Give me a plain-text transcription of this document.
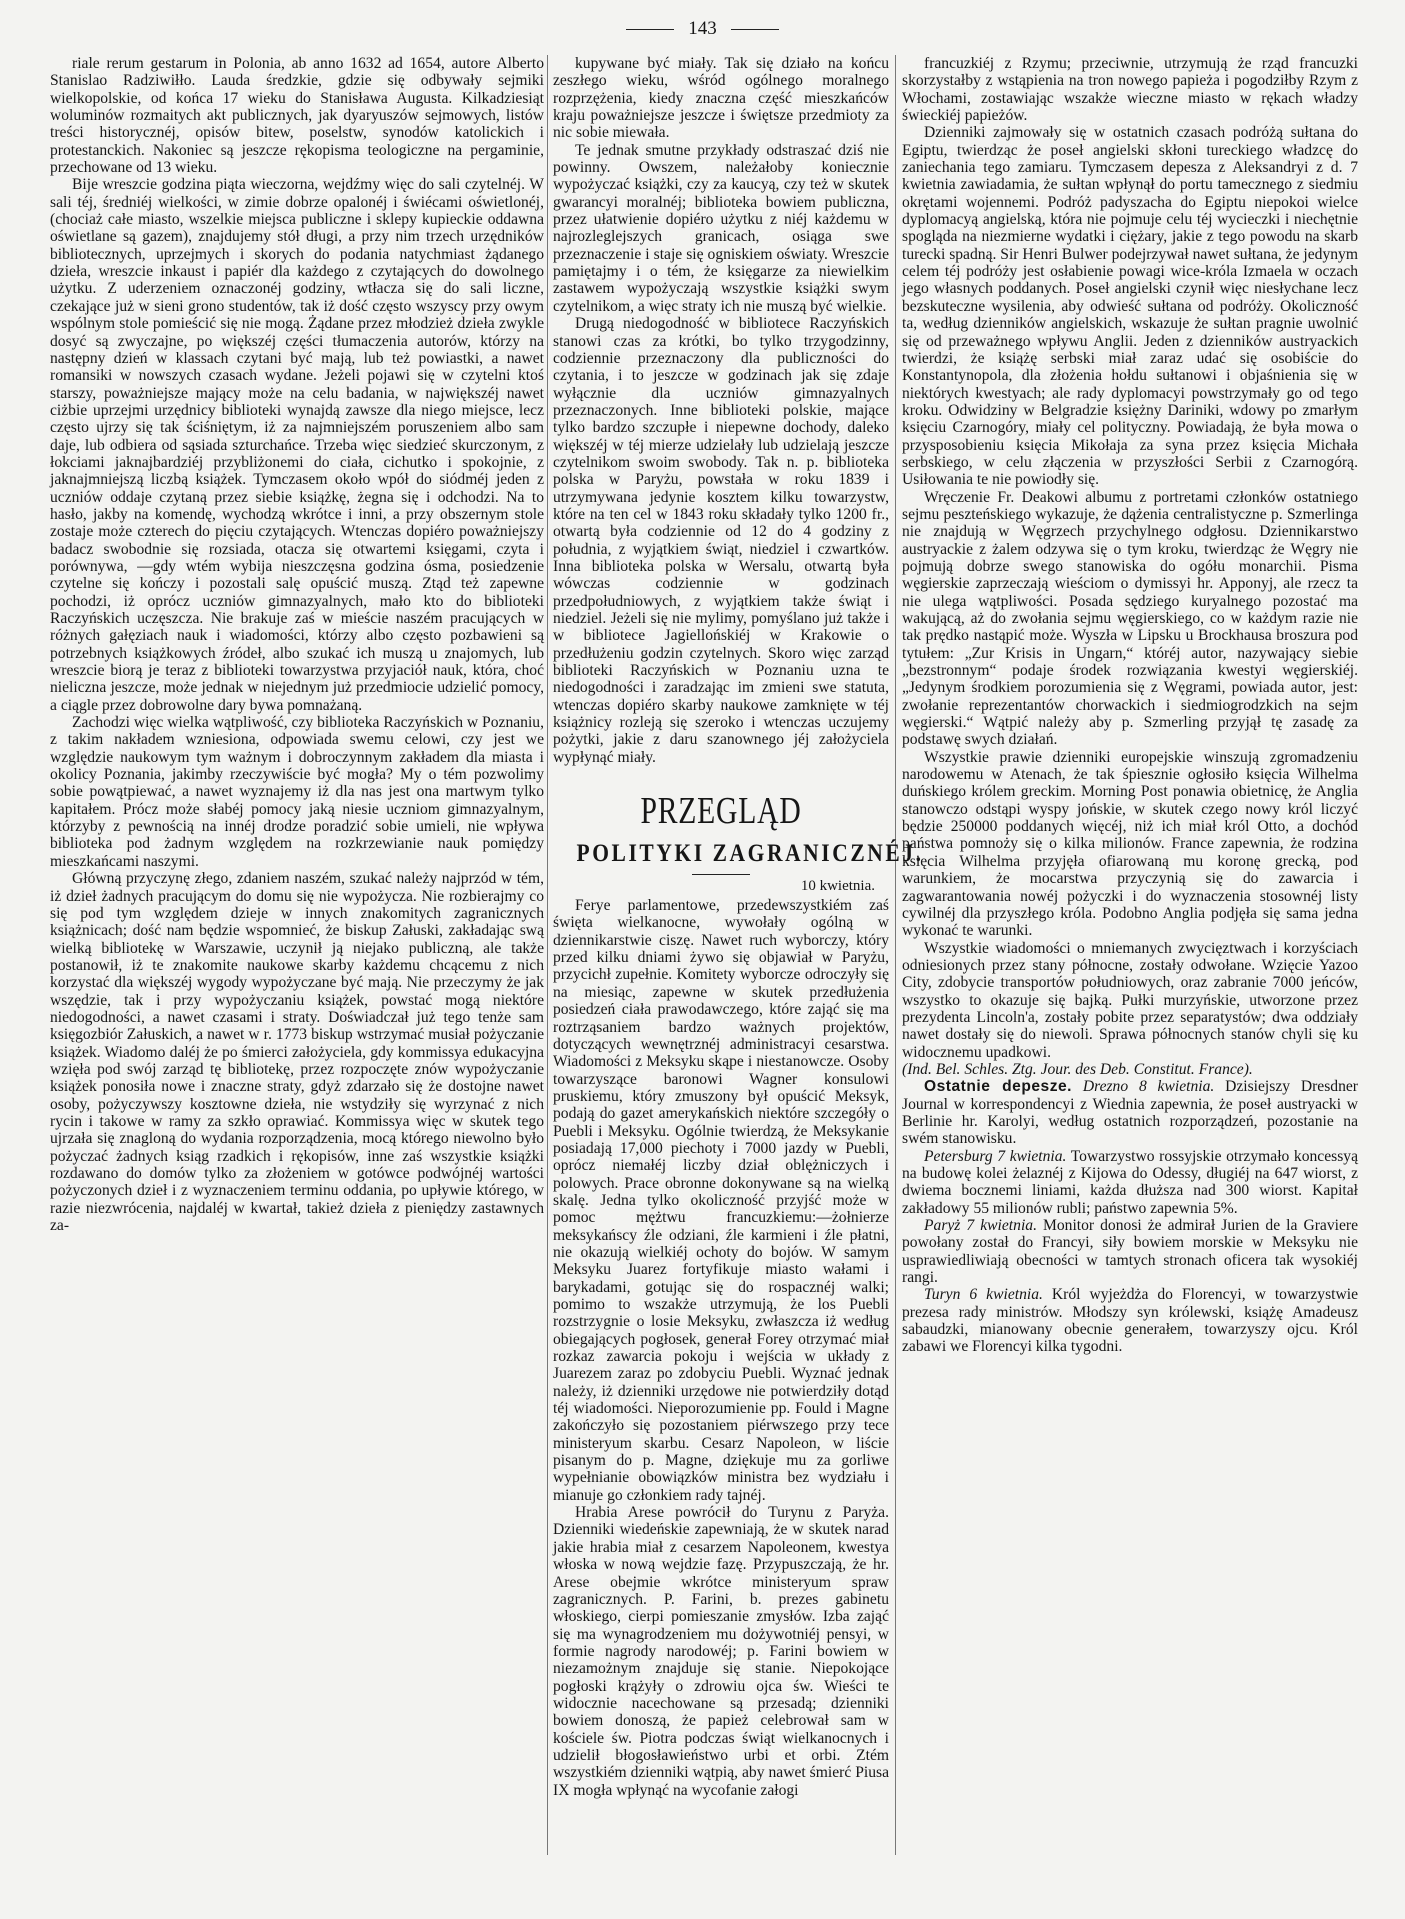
143

riale rerum gestarum in Polonia, ab anno 1632 ad 1654, autore Alberto Stanislao Radziwiłło. Lauda średzkie, gdzie się odbywały sejmiki wielkopolskie, od końca 17 wieku do Stanisława Augusta. Kilkadziesiąt woluminów rozmaitych akt publicznych, jak dyaryuszów sejmowych, listów treści historycznéj, opisów bitew, poselstw, synodów katolickich i protestanckich. Nakoniec są jeszcze rękopisma teologiczne na pergaminie, przechowane od 13 wieku.

Bije wreszcie godzina piąta wieczorna, wejdźmy więc do sali czytelnéj. W sali téj, średniéj wielkości, w zimie dobrze opalonéj i świécami oświetlonéj, (chociaż całe miasto, wszelkie miejsca publiczne i sklepy kupieckie oddawna oświetlane są gazem), znajdujemy stół długi, a przy nim trzech urzędników bibliotecznych, uprzejmych i skorych do podania natychmiast żądanego dzieła, wreszcie inkaust i papiér dla każdego z czytających do dowolnego użytku. Z uderzeniem oznaczonéj godziny, wtłacza się do sali liczne, czekające już w sieni grono studentów, tak iż dość często wszyscy przy owym wspólnym stole pomieścić się nie mogą. Żądane przez młodzież dzieła zwykle dosyć są zwyczajne, po większéj części tłumaczenia autorów, którzy na następny dzień w klassach czytani być mają, lub też powiastki, a nawet romansiki w nowszych czasach wydane. Jeżeli pojawi się w czytelni ktoś starszy, poważniejsze mający może na celu badania, w największéj nawet ciżbie uprzejmi urzędnicy biblioteki wynajdą zawsze dla niego miejsce, lecz często ujrzy się tak ściśniętym, iż za najmniejszém poruszeniem albo sam daje, lub odbiera od sąsiada szturchańce. Trzeba więc siedzieć skurczonym, z łokciami jaknajbardziéj przybliżonemi do ciała, cichutko i spokojnie, z jaknajmniejszą liczbą książek. Tymczasem około wpół do siódméj jeden z uczniów oddaje czytaną przez siebie książkę, żegna się i odchodzi. Na to hasło, jakby na komendę, wychodzą wkrótce i inni, a przy obszernym stole zostaje może czterech do pięciu czytających. Wtenczas dopiéro poważniejszy badacz swobodnie się rozsiada, otacza się otwartemi księgami, czyta i porównywa, —gdy wtém wybija nieszczęsna godzina ósma, posiedzenie czytelne się kończy i pozostali salę opuścić muszą. Ztąd też zapewne pochodzi, iż oprócz uczniów gimnazyalnych, mało kto do biblioteki Raczyńskich uczęszcza. Nie brakuje zaś w mieście naszém pracujących w różnych gałęziach nauk i wiadomości, którzy albo często pozbawieni są potrzebnych książkowych źródeł, albo szukać ich muszą u znajomych, lub wreszcie biorą je teraz z biblioteki towarzystwa przyjaciół nauk, która, choć nieliczna jeszcze, może jednak w niejednym już przedmiocie udzielić pomocy, a ciągle przez dobrowolne dary bywa pomnażaną.

Zachodzi więc wielka wątpliwość, czy biblioteka Raczyńskich w Poznaniu, z takim nakładem wzniesiona, odpowiada swemu celowi, czy jest we względzie naukowym tym ważnym i dobroczynnym zakładem dla miasta i okolicy Poznania, jakimby rzeczywiście być mogła? My o tém pozwolimy sobie powątpiewać, a nawet wyznajemy iż dla nas jest ona martwym tylko kapitałem. Prócz może słabéj pomocy jaką niesie uczniom gimnazyalnym, którzyby z pewnością na innéj drodze poradzić sobie umieli, nie wpływa biblioteka pod żadnym względem na rozkrzewianie nauk pomiędzy mieszkańcami naszymi.

Główną przyczynę złego, zdaniem naszém, szukać należy najprzód w tém, iż dzieł żadnych pracującym do domu się nie wypożycza. Nie rozbierajmy co się pod tym względem dzieje w innych znakomitych zagranicznych książnicach; dość nam będzie wspomnieć, że biskup Załuski, zakładając swą wielką bibliotekę w Warszawie, uczynił ją niejako publiczną, ale także postanowił, iż te znakomite naukowe skarby każdemu chcącemu z nich korzystać dla większéj wygody wypożyczane być mają. Nie przeczymy że jak wszędzie, tak i przy wypożyczaniu książek, powstać mogą niektóre niedogodności, a nawet czasami i straty. Doświadczał już tego tenże sam księgozbiór Załuskich, a nawet w r. 1773 biskup wstrzymać musiał pożyczanie książek. Wiadomo daléj że po śmierci założyciela, gdy kommissya edukacyjna wzięła pod swój zarząd tę bibliotekę, przez rozpoczęte znów wypożyczanie książek ponosiła nowe i znaczne straty, gdyż zdarzało się że dostojne nawet osoby, pożyczywszy kosztowne dzieła, nie wstydziły się wyrzynać z nich rycin i takowe w ramy za szkło oprawiać. Kommissya więc w skutek tego ujrzała się znagloną do wydania rozporządzenia, mocą którego niewolno było pożyczać żadnych ksiąg rzadkich i rękopisów, inne zaś wszystkie książki rozdawano do domów tylko za złożeniem w gotówce podwójnéj wartości pożyczonych dzieł i z wyznaczeniem terminu oddania, po upływie którego, w razie niezwrócenia, najdaléj w kwartał, takież dzieła z pieniędzy zastawnych za-

kupywane być miały. Tak się działo na końcu zeszłego wieku, wśród ogólnego moralnego rozprzężenia, kiedy znaczna część mieszkańców kraju poważniejsze jeszcze i świętsze przedmioty za nic sobie miewała.

Te jednak smutne przykłady odstraszać dziś nie powinny. Owszem, należałoby koniecznie wypożyczać książki, czy za kaucyą, czy też w skutek gwarancyi moralnéj; biblioteka bowiem publiczna, przez ułatwienie dopiéro użytku z niéj każdemu w najrozleglejszych granicach, osiąga swe przeznaczenie i staje się ogniskiem oświaty. Wreszcie pamiętajmy i o tém, że księgarze za niewielkim zastawem wypożyczają wszystkie książki swym czytelnikom, a więc straty ich nie muszą być wielkie.

Drugą niedogodność w bibliotece Raczyńskich stanowi czas za krótki, bo tylko trzygodzinny, codziennie przeznaczony dla publiczności do czytania, i to jeszcze w godzinach jak się zdaje wyłącznie dla uczniów gimnazyalnych przeznaczonych. Inne biblioteki polskie, mające tylko bardzo szczupłe i niepewne dochody, daleko większéj w téj mierze udzielały lub udzielają jeszcze czytelnikom swoim swobody. Tak n. p. biblioteka polska w Paryżu, powstała w roku 1839 i utrzymywana jedynie kosztem kilku towarzystw, które na ten cel w 1843 roku składały tylko 1200 fr., otwartą była codziennie od 12 do 4 godziny z południa, z wyjątkiem świąt, niedziel i czwartków. Inna biblioteka polska w Wersalu, otwartą była wówczas codziennie w godzinach przedpołudniowych, z wyjątkiem także świąt i niedziel. Jeżeli się nie mylimy, pomyślano już także i w bibliotece Jagiellońskiéj w Krakowie o przedłużeniu godzin czytelnych. Skoro więc zarząd biblioteki Raczyńskich w Poznaniu uzna te niedogodności i zaradzając im zmieni swe statuta, wtenczas dopiéro skarby naukowe zamknięte w téj książnicy rozleją się szeroko i wtenczas uczujemy pożytki, jakie z daru szanownego jéj założyciela wypłynąć miały.

PRZEGLĄD
POLITYKI ZAGRANICZNÉJ.
10 kwietnia.

Ferye parlamentowe, przedewszystkiém zaś święta wielkanocne, wywołały ogólną w dziennikarstwie ciszę. Nawet ruch wyborczy, który przed kilku dniami żywo się objawiał w Paryżu, przycichł zupełnie. Komitety wyborcze odroczyły się na miesiąc, zapewne w skutek przedłużenia posiedzeń ciała prawodawczego, które zająć się ma roztrząsaniem bardzo ważnych projektów, dotyczących wewnętrznéj administracyi cesarstwa. Wiadomości z Meksyku skąpe i niestanowcze. Osoby towarzyszące baronowi Wagner konsulowi pruskiemu, który zmuszony był opuścić Meksyk, podają do gazet amerykańskich niektóre szczegóły o Puebli i Meksyku. Ogólnie twierdzą, że Meksykanie posiadają 17,000 piechoty i 7000 jazdy w Puebli, oprócz niemałéj liczby dział oblężniczych i polowych. Prace obronne dokonywane są na wielką skalę. Jedna tylko okoliczność przyjść może w pomoc mężtwu francuzkiemu:—żołnierze meksykańscy źle odziani, źle karmieni i źle płatni, nie okazują wielkiéj ochoty do bojów. W samym Meksyku Juarez fortyfikuje miasto wałami i barykadami, gotując się do rospacznéj walki; pomimo to wszakże utrzymują, że los Puebli rozstrzygnie o losie Meksyku, zwłaszcza iż według obiegających pogłosek, generał Forey otrzymać miał rozkaz zawarcia pokoju i wejścia w układy z Juarezem zaraz po zdobyciu Puebli. Wyznać jednak należy, iż dzienniki urzędowe nie potwierdziły dotąd téj wiadomości. Nieporozumienie pp. Fould i Magne zakończyło się pozostaniem piérwszego przy tece ministeryum skarbu. Cesarz Napoleon, w liście pisanym do p. Magne, dziękuje mu za gorliwe wypełnianie obowiązków ministra bez wydziału i mianuje go członkiem rady tajnéj.

Hrabia Arese powrócił do Turynu z Paryża. Dzienniki wiedeńskie zapewniają, że w skutek narad jakie hrabia miał z cesarzem Napoleonem, kwestya włoska w nową wejdzie fazę. Przypuszczają, że hr. Arese obejmie wkrótce ministeryum spraw zagranicznych. P. Farini, b. prezes gabinetu włoskiego, cierpi pomieszanie zmysłów. Izba zająć się ma wynagrodzeniem mu dożywotniéj pensyi, w formie nagrody narodowéj; p. Farini bowiem w niezamożnym znajduje się stanie. Niepokojące pogłoski krążyły o zdrowiu ojca św. Wieści te widocznie nacechowane są przesadą; dzienniki bowiem donoszą, że papież celebrował sam w kościele św. Piotra podczas świąt wielkanocnych i udzielił błogosławieństwo urbi et orbi. Ztém wszystkiém dzienniki wątpią, aby nawet śmierć Piusa IX mogła wpłynąć na wycofanie załogi

francuzkiéj z Rzymu; przeciwnie, utrzymują że rząd francuzki skorzystałby z wstąpienia na tron nowego papieża i pogodziłby Rzym z Włochami, zostawiając wszakże wieczne miasto w rękach władzy świeckiéj papieżów.

Dzienniki zajmowały się w ostatnich czasach podróżą sułtana do Egiptu, twierdząc że poseł angielski skłoni tureckiego władzcę do zaniechania tego zamiaru. Tymczasem depesza z Aleksandryi z d. 7 kwietnia zawiadamia, że sułtan wpłynął do portu tamecznego z siedmiu okrętami wojennemi. Podróż padyszacha do Egiptu niepokoi wielce dyplomacyą angielską, która nie pojmuje celu téj wycieczki i niechętnie spogląda na niezmierne wydatki i ciężary, jakie z tego powodu na skarb turecki spadną. Sir Henri Bulwer podejrzywał nawet sułtana, że jedynym celem téj podróży jest osłabienie powagi wice-króla Izmaela w oczach jego własnych poddanych. Poseł angielski czynił więc niesłychane lecz bezskuteczne wysilenia, aby odwieść sułtana od podróży. Okoliczność ta, według dzienników angielskich, wskazuje że sułtan pragnie uwolnić się od przeważnego wpływu Anglii. Jeden z dzienników austryackich twierdzi, że książę serbski miał zaraz udać się osobiście do Konstantynopola, dla złożenia hołdu sułtanowi i objaśnienia się w niektórych kwestyach; ale rady dyplomacyi powstrzymały go od tego kroku. Odwidziny w Belgradzie księżny Dariniki, wdowy po zmarłym księciu Czarnogóry, miały cel polityczny. Powiadają, że była mowa o przysposobieniu księcia Mikołaja za syna przez księcia Michała serbskiego, w celu złączenia w przyszłości Serbii z Czarnogórą. Usiłowania te nie powiodły się.

Wręczenie Fr. Deakowi albumu z portretami członków ostatniego sejmu peszteńskiego wykazuje, że dążenia centralistyczne p. Szmerlinga nie znajdują w Węgrzech przychylnego odgłosu. Dziennikarstwo austryackie z żalem odzywa się o tym kroku, twierdząc że Węgry nie pojmują dobrze swego stanowiska do ogółu monarchii. Pisma węgierskie zaprzeczają wieściom o dymissyi hr. Apponyj, ale rzecz ta nie ulega wątpliwości. Posada sędziego kuryalnego pozostać ma wakującą, aż do zwołania sejmu węgierskiego, co w każdym razie nie tak prędko nastąpić może. Wyszła w Lipsku u Brockhausa broszura pod tytułem: „Zur Krisis in Ungarn,“ któréj autor, nazywający siebie „bezstronnym“ podaje środek rozwiązania kwestyi węgierskiéj. „Jedynym środkiem porozumienia się z Węgrami, powiada autor, jest: zwołanie reprezentantów chorwackich i siedmiogrodzkich na sejm węgierski.“ Wątpić należy aby p. Szmerling przyjął tę zasadę za podstawę swych działań.

Wszystkie prawie dzienniki europejskie winszują zgromadzeniu narodowemu w Atenach, że tak śpiesznie ogłosiło księcia Wilhelma duńskiego królem greckim. Morning Post ponawia obietnicę, że Anglia stanowczo odstąpi wyspy jońskie, w skutek czego nowy król liczyć będzie 250000 poddanych więcéj, niż ich miał król Otto, a dochód państwa pomnoży się o kilka milionów. France zapewnia, że rodzina księcia Wilhelma przyjęła ofiarowaną mu koronę grecką, pod warunkiem, że mocarstwa przyczynią się do zawarcia i zagwarantowania nowéj pożyczki i do wyznaczenia stosownéj listy cywilnéj dla przyszłego króla. Podobno Anglia podjęła się sama jedna wykonać te warunki.

Wszystkie wiadomości o mniemanych zwycięztwach i korzyściach odniesionych przez stany północne, zostały odwołane. Wzięcie Yazoo City, zdobycie transportów południowych, oraz zabranie 7000 jeńców, wszystko to okazuje się bajką. Pułki murzyńskie, utworzone przez prezydenta Lincoln'a, zostały pobite przez separatystów; dwa oddziały nawet dostały się do niewoli. Sprawa północnych stanów chyli się ku widocznemu upadkowi.

(Ind. Bel. Schles. Ztg. Jour. des Deb. Constitut. France).

Ostatnie depesze. Drezno 8 kwietnia. Dzisiejszy Dresdner Journal w korrespondencyi z Wiednia zapewnia, że poseł austryacki w Berlinie hr. Karolyi, według ostatnich rozporządzeń, pozostanie na swém stanowisku.

Petersburg 7 kwietnia. Towarzystwo rossyjskie otrzymało koncessyą na budowę kolei żelaznéj z Kijowa do Odessy, długiéj na 647 wiorst, z dwiema bocznemi liniami, każda dłuższa nad 300 wiorst. Kapitał zakładowy 55 milionów rubli; państwo zapewnia 5%.

Paryż 7 kwietnia. Monitor donosi że admirał Jurien de la Graviere powołany został do Francyi, siły bowiem morskie w Meksyku nie usprawiedliwiają obecności w tamtych stronach oficera tak wysokiéj rangi.

Turyn 6 kwietnia. Król wyjeżdża do Florencyi, w towarzystwie prezesa rady ministrów. Młodszy syn królewski, książę Amadeusz sabaudzki, mianowany obecnie generałem, towarzyszy ojcu. Król zabawi we Florencyi kilka tygodni.
